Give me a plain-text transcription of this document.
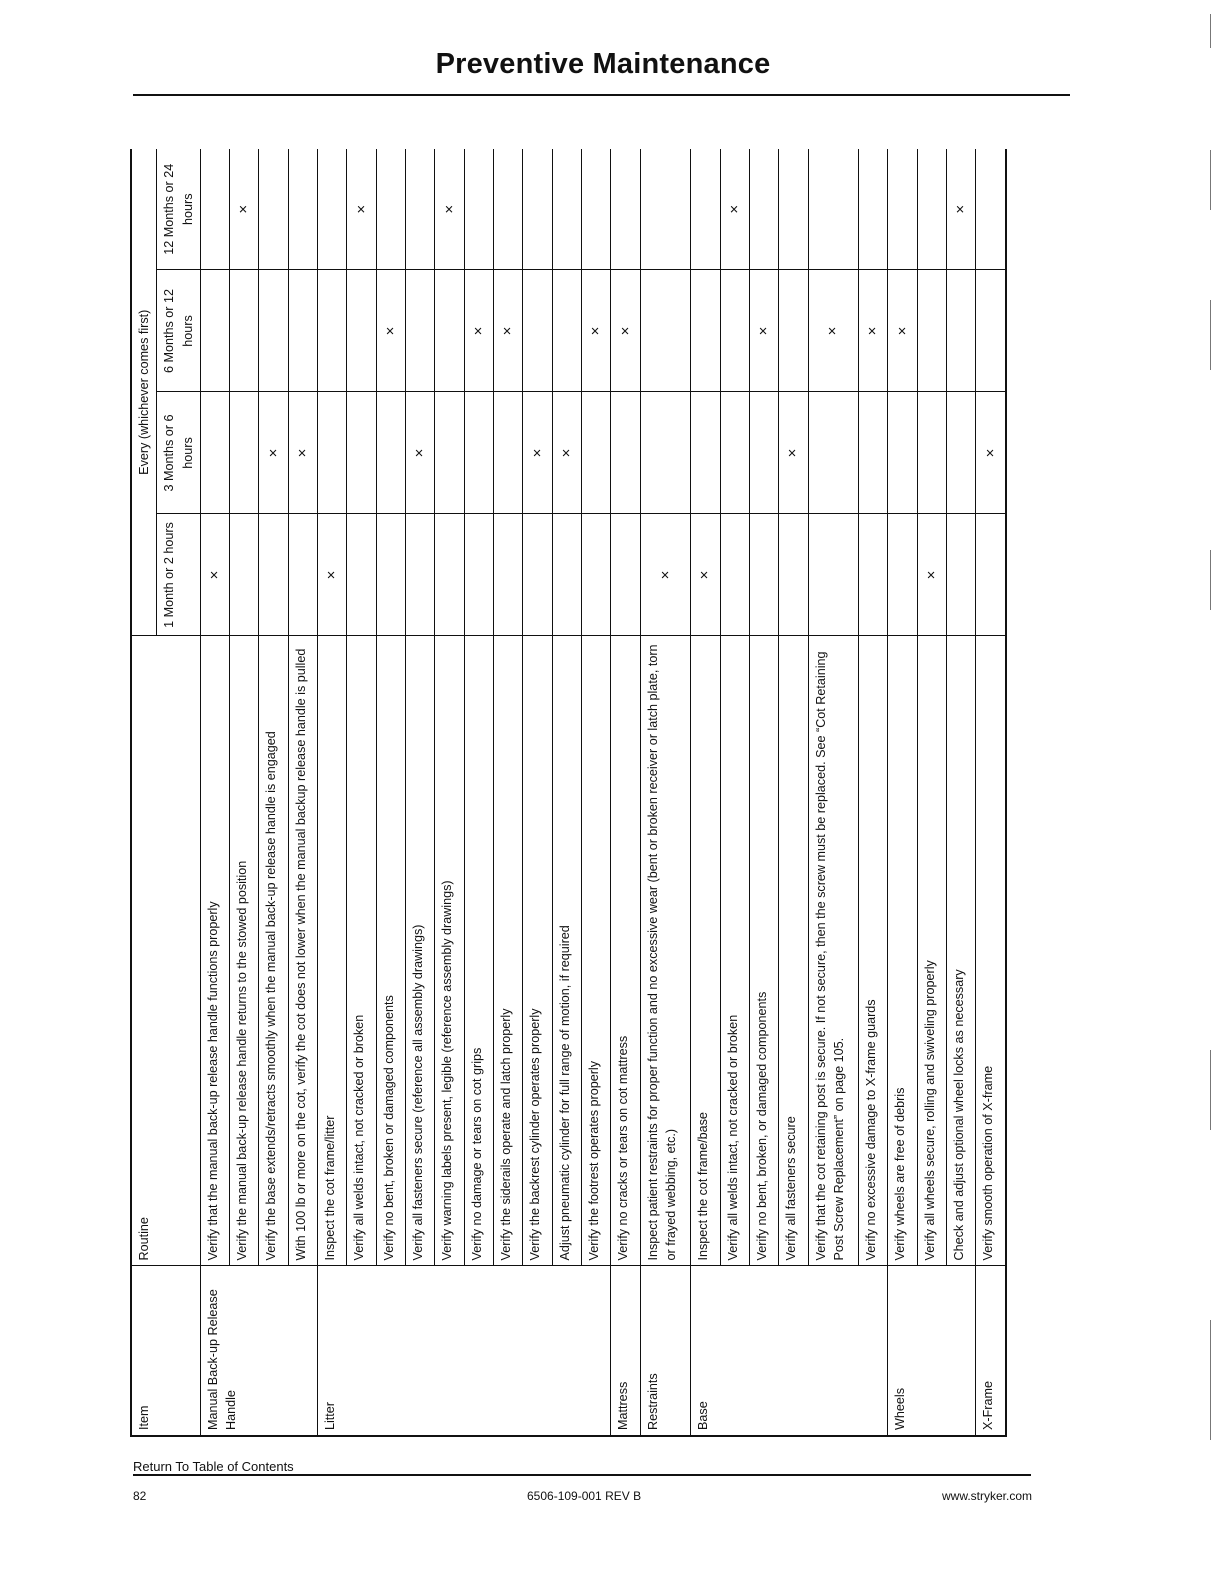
Preventive Maintenance
Item	Routine	Every (whichever comes first)			
		1 Month or 2 hours	3 Months or 6 hours	6 Months or 12 hours	12 Months or 24 hours
Manual Back-up Release Handle	Verify that the manual back-up release handle functions properly	×			
	Verify the manual back-up release handle returns to the stowed position				×
	Verify the base extends/retracts smoothly when the manual back-up release handle is engaged		×		
	With 100 lb or more on the cot, verify the cot does not lower when the manual backup release handle is pulled		×		
Litter	Inspect the cot frame/litter	×			
	Verify all welds intact, not cracked or broken				×
	Verify no bent, broken or damaged components			×	
	Verify all fasteners secure (reference all assembly drawings)		×		
	Verify warning labels present, legible (reference assembly drawings)				×
	Verify no damage or tears on cot grips			×	
	Verify the siderails operate and latch properly			×	
	Verify the backrest cylinder operates properly		×		
	Adjust pneumatic cylinder for full range of motion, if required		×		
	Verify the footrest operates properly			×	
Mattress	Verify no cracks or tears on cot mattress			×	
Restraints	Inspect patient restraints for proper function and no excessive wear (bent or broken receiver or latch plate, torn or frayed webbing, etc.)	×			
Base	Inspect the cot frame/base	×			
	Verify all welds intact, not cracked or broken				×
	Verify no bent, broken, or damaged components			×	
	Verify all fasteners secure		×		
	Verify that the cot retaining post is secure. If not secure, then the screw must be replaced. See “Cot Retaining Post Screw Replacement” on page 105.			×	
	Verify no excessive damage to X-frame guards			×	
Wheels	Verify wheels are free of debris			×	
	Verify all wheels secure, rolling and swiveling properly	×			
	Check and adjust optional wheel locks as necessary				×
X-Frame	Verify smooth operation of X-frame		×		
Return To Table of Contents
82	6506-109-001 REV B	www.stryker.com
